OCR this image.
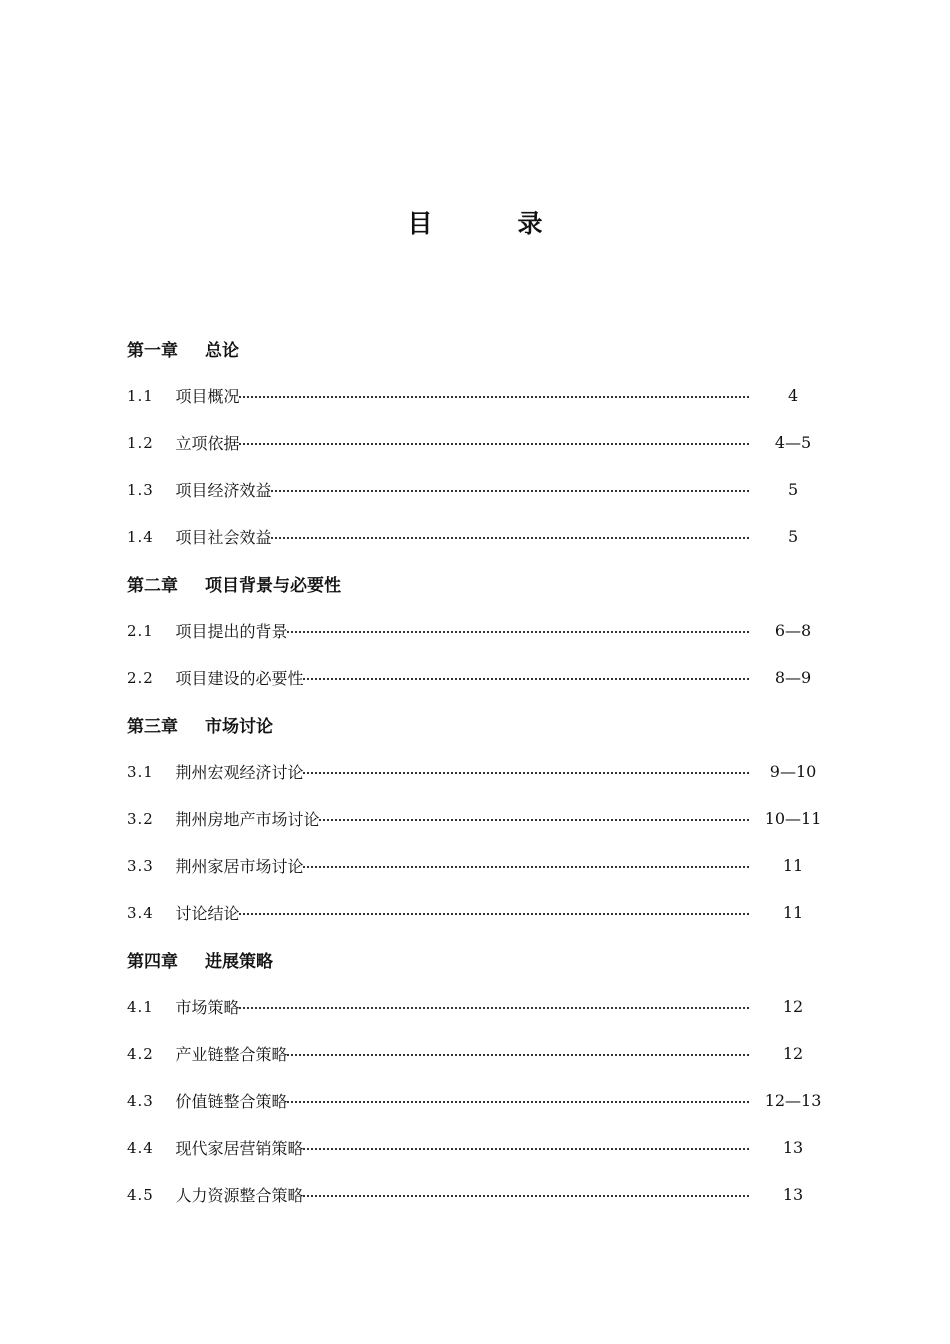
目　录
第一章	总论
1.1	项目概况	4
1.2	立项依据	4—5
1.3	项目经济效益	5
1.4	项目社会效益	5
第二章	项目背景与必要性
2.1	项目提出的背景	6—8
2.2	项目建设的必要性	8—9
第三章	市场讨论
3.1	荆州宏观经济讨论	9—10
3.2	荆州房地产市场讨论	10—11
3.3	荆州家居市场讨论	11
3.4	讨论结论	11
第四章	进展策略
4.1	市场策略	12
4.2	产业链整合策略	12
4.3	价值链整合策略	12—13
4.4	现代家居营销策略	13
4.5	人力资源整合策略	13
